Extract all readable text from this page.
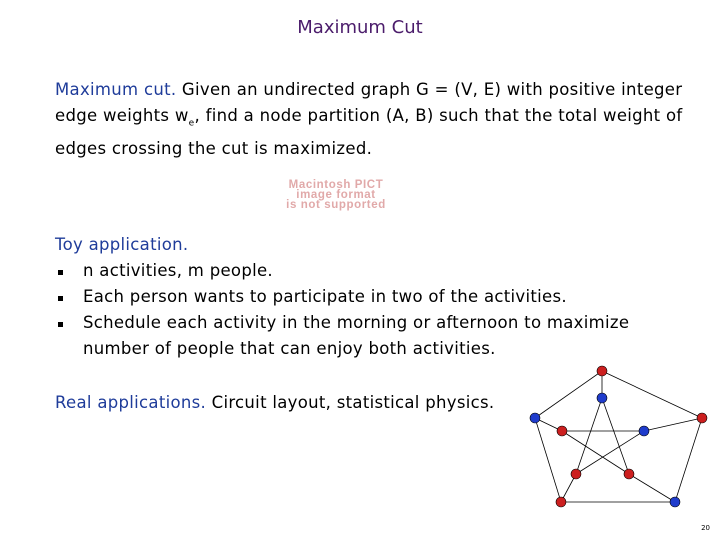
Maximum Cut
Maximum cut. Given an undirected graph G = (V, E) with positive integer edge weights $w_e$, find a node partition (A, B) such that the total weight of edges crossing the cut is maximized.
Macintosh PICT
image format
is not supported
Toy application.
n activities, m people.
Each person wants to participate in two of the activities.
Schedule each activity in the morning or afternoon to maximize number of people that can enjoy both activities.
Real applications. Circuit layout, statistical physics.
20
